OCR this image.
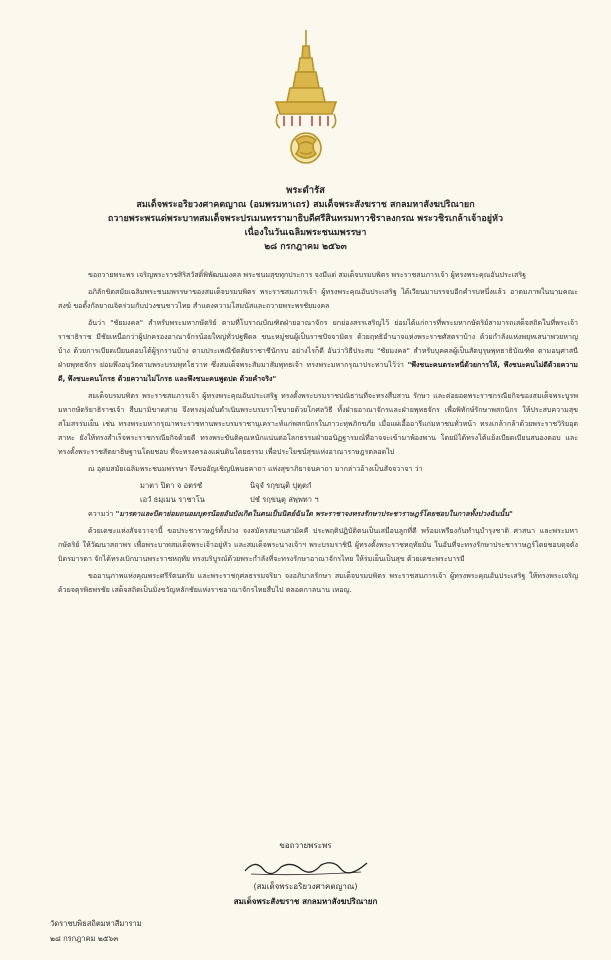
พระดำรัส
สมเด็จพระอริยวงศาคตญาณ (อมพรมหาเถร) สมเด็จพระสังฆราช สกลมหาสังฆปริณายก
ถวายพระพรแด่พระบาทสมเด็จพระปรเมนทรรามาธิบดีศรีสินทรมหาวชิราลงกรณ พระวชิรเกล้าเจ้าอยู่หัว
เนื่องในวันเฉลิมพระชนมพรรษา
๒๘ กรกฎาคม ๒๕๖๓

ขอถวายพระพร เจริญพระราชสิริสวัสดิ์พิพัฒนมงคล พระชนมสุขทุกประการ จงมีแด่ สมเด็จบรมบพิตร พระราชสมภารเจ้า ผู้ทรงพระคุณอันประเสริฐ

อภิลักขิตสมัยเฉลิมพระชนมพรรษาของสมเด็จบรมบพิตร พระราชสมภารเจ้า ผู้ทรงพระคุณอันประเสริฐ ได้เวียนมาบรรจบอีกคำรบหนึ่งแล้ว อาตมภาพในนามคณะสงฆ์ ขอตั้งกัลยาณจิตร่วมกับปวงชนชาวไทย สำแดงความโสมนัสและถวายพระพรชัยมงคล

อันว่า "ชัยมงคล" สำหรับพระมหากษัตริย์ ตามที่โบราณบัณฑิตฝ่ายอาณาจักร ยกย่องสรรเสริญไว้ ย่อมได้แก่การที่พระมหากษัตริย์สามารถเสด็จสถิตในที่พระเจ้าราชาธิราช มีชัยเหนือกว่าผู้ปกครองอาณาจักรน้อยใหญ่ทั่วปฐพีดล ขนะหมู่ชนผู้เป็นราชปัจจามิตร ด้วยฤทธิอำนาจแห่งพระราชศัสตราบ้าง ด้วยกำลังแห่งพยุหเสนาพวยหาญบ้าง ด้วยการเบียดเบียนตอบโต้ผู้รุกรานบ้าง ตามประเพณีขัตติยราชาชีนักรบ อย่างไรก็ดี อันว่าวิธีประสบ "ชัยมงคล" สำหรับบุคคลผู้เป็นสัตบุรุษพุทธาธิบัณฑิต ตามอนุศาสนีฝ่ายพุทธจักร ย่อมพึงอนุวัตตามพระบรมพุทโธวาท ซึ่งสมเด็จพระสัมมาสัมพุทธเจ้า ทรงพระมหากรุณาประทานไว้ว่า "พึงชนะคนตระหนี่ด้วยการให้, พึงชนะคนไม่ดีด้วยความดี, พึงชนะคนโกรธ ด้วยความไม่โกรธ และพึงชนะคนพูดปด ด้วยคำจริง"

สมเด็จบรมบพิตร พระราชสมภารเจ้า ผู้ทรงพระคุณอันประเสริฐ ทรงตั้งพระบรมราชปณิธานที่จะทรงสืบสาน รักษา และต่อยอดพระราชกรณียกิจของสมเด็จพระบูรพมหากษัตริยาธิราชเจ้า สืบมามิขาดสาย จึงทรงมุ่งมั่นดำเนินพระบรมราโชบายด้วยโกศลวิธี ทั้งฝ่ายอาณาจักรและฝ่ายพุทธจักร เพื่อพิทักษ์รักษาพสกนิกร ให้ประสบความสุขสโมสรร่มเย็น เช่น ทรงพระมหากรุณาพระราชทานพระบรมราชานุเคราะห์แก่พสกนิกรในภาวะทุพภิกขภัย เมื่อแผ่เอื้ออารีแก่มหาชนทั่วหน้า ทรงเกล้ากล้าด้วยพระราชวิริยอุตสาหะ ยังให้ทรงสำเร็จพระราชกรณียกิจด้วยดี ทรงพระขันติคุณหนักแน่นต่อโลกธรรมฝ่ายอนิฏฐารมณ์ที่อาจจะเข้ามาพ้องพาน โดยมิได้ทรงโต้แย้งเบียดเบียนสนองตอบ และทรงตั้งพระราชสัตยาธิษฐานโดยชอบ ที่จะทรงครองแผ่นดินโดยธรรม เพื่อประโยชน์สุขแห่งอาณาราษฎรตลอดไป

ณ อุดมสมัยเฉลิมพระชนมพรรษา จึงขออัญเชิญนิพนธคาถา แห่งสุขาภิยาจนคาถา มากล่าวอ้างเป็นสัจจวาจา ว่า

มาตา ปิตา จ อตรชํ	นิจฺจํ รกฺขนฺติ ปุตฺตกํ
เอวํ ธมฺเมน ราชาโน	ปชํ รกฺขนฺตุ สพฺพทา ฯ

ความว่า "มารดาและบิดาย่อมถนอมบุตรน้อยอันบังเกิดในตนเป็นนิตย์ฉันใด พระราชาจงทรงรักษาประชาราษฎร์โดยชอบในกาลทั้งปวงฉันนั้น"

ด้วยเดชะแห่งสัจจวาจานี้ ขอประชาราษฎร์ทั้งปวง จงสมัครสมานสามัคคี ประพฤติปฏิบัติตนเป็นเสมือนลูกที่ดี พร้อมเพรียงกันทำนุบำรุงชาติ ศาสนา และพระมหากษัตริย์ ให้วัฒนาสถาพร เพื่อพระบาทสมเด็จพระเจ้าอยู่หัว และสมเด็จพระนางเจ้าฯ พระบรมราชินี ผู้ทรงตั้งพระราชหฤทัยมั่น ในอันที่จะทรงรักษาประชาราษฎร์โดยชอบดุจดั่งบิดรมารดา จักได้ทรงเบิกบานพระราชหฤทัย ทรงบริบูรณ์ด้วยพระกำลังที่จะทรงรักษาอาณาจักรไทย ให้ร่มเย็นเป็นสุข ด้วยเดชะพระบารมี

ขออานุภาพแห่งคุณพระศรีรัตนตรัย และพระราชกุศลธรรมจริยา จงอภิบาลรักษา สมเด็จบรมบพิตร พระราชสมภารเจ้า ผู้ทรงพระคุณอันประเสริฐ ให้ทรงพระเจริญด้วยจตุรพิธพรชัย เสด็จสถิตเป็นมิ่งขวัญหลักชัยแห่งราชอาณาจักรไทยสืบไป ตลอดกาลนาน เทอญ.

ขอถวายพระพร
(สมเด็จพระอริยวงศาคตญาณ)
สมเด็จพระสังฆราช สกลมหาสังฆปริณายก
วัดราชบพิธสถิตมหาสีมาราม
๒๘ กรกฎาคม ๒๕๖๓
